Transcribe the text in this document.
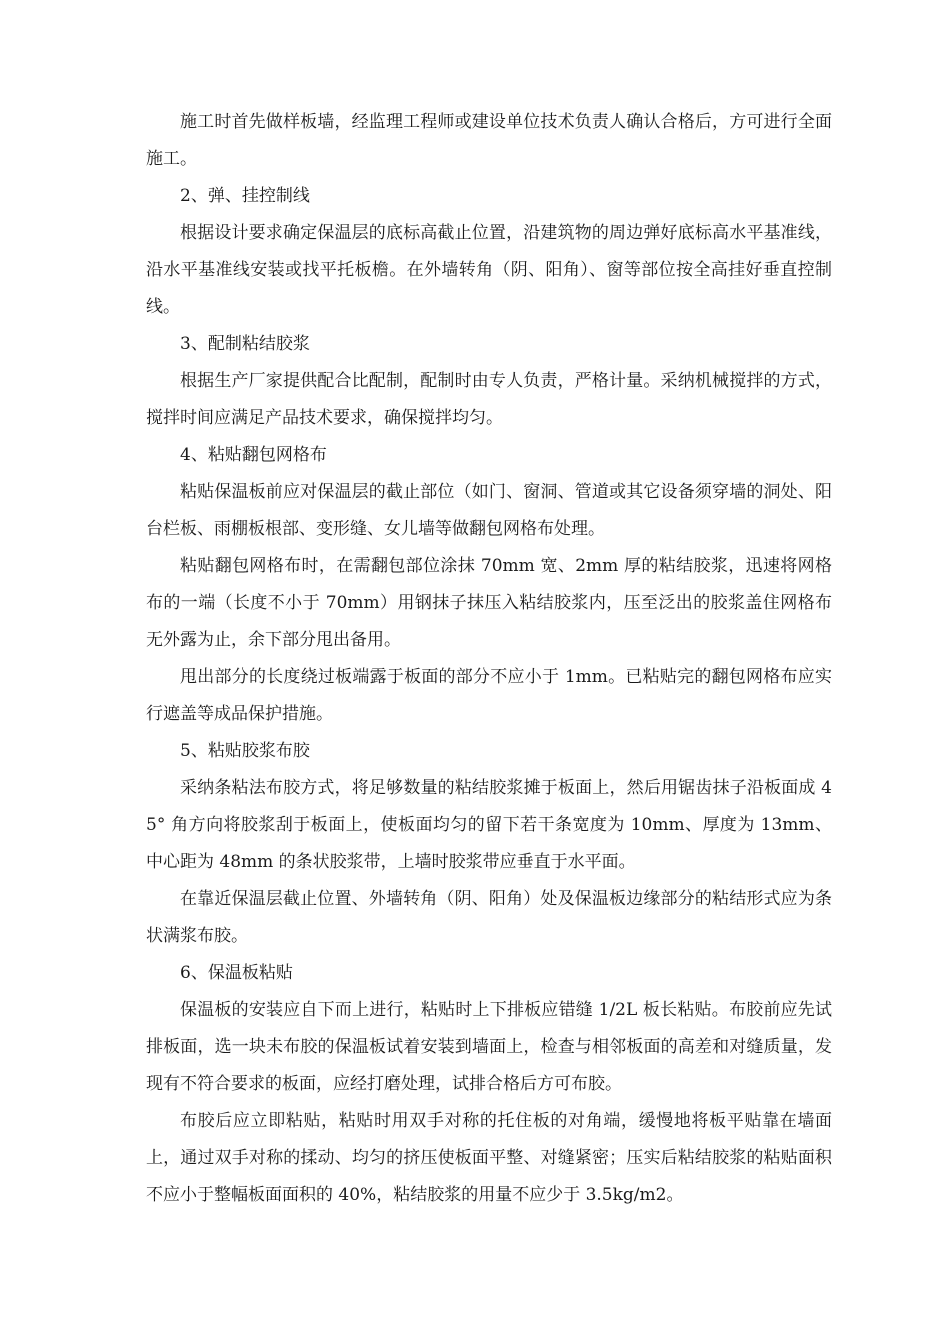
施工时首先做样板墙，经监理工程师或建设单位技术负责人确认合格后，方可进行全面施工。

2、弹、挂控制线

根据设计要求确定保温层的底标高截止位置，沿建筑物的周边弹好底标高水平基准线，沿水平基准线安装或找平托板檐。在外墙转角（阴、阳角）、窗等部位按全高挂好垂直控制线。

3、配制粘结胶浆

根据生产厂家提供配合比配制，配制时由专人负责，严格计量。采纳机械搅拌的方式，搅拌时间应满足产品技术要求，确保搅拌均匀。

4、粘贴翻包网格布

粘贴保温板前应对保温层的截止部位（如门、窗洞、管道或其它设备须穿墙的洞处、阳台栏板、雨棚板根部、变形缝、女儿墙等做翻包网格布处理。

粘贴翻包网格布时，在需翻包部位涂抹 70mm 宽、2mm 厚的粘结胶浆，迅速将网格布的一端（长度不小于 70mm）用钢抹子抹压入粘结胶浆内，压至泛出的胶浆盖住网格布无外露为止，余下部分甩出备用。

甩出部分的长度绕过板端露于板面的部分不应小于 1mm。已粘贴完的翻包网格布应实行遮盖等成品保护措施。

5、粘贴胶浆布胶

采纳条粘法布胶方式，将足够数量的粘结胶浆摊于板面上，然后用锯齿抹子沿板面成 45° 角方向将胶浆刮于板面上，使板面均匀的留下若干条宽度为 10mm、厚度为 13mm、中心距为 48mm 的条状胶浆带，上墙时胶浆带应垂直于水平面。

在靠近保温层截止位置、外墙转角（阴、阳角）处及保温板边缘部分的粘结形式应为条状满浆布胶。

6、保温板粘贴

保温板的安装应自下而上进行，粘贴时上下排板应错缝 1/2L 板长粘贴。布胶前应先试排板面，选一块未布胶的保温板试着安装到墙面上，检查与相邻板面的高差和对缝质量，发现有不符合要求的板面，应经打磨处理，试排合格后方可布胶。

布胶后应立即粘贴，粘贴时用双手对称的托住板的对角端，缓慢地将板平贴靠在墙面上，通过双手对称的揉动、均匀的挤压使板面平整、对缝紧密；压实后粘结胶浆的粘贴面积不应小于整幅板面面积的 40%，粘结胶浆的用量不应少于 3.5kg/m2。
